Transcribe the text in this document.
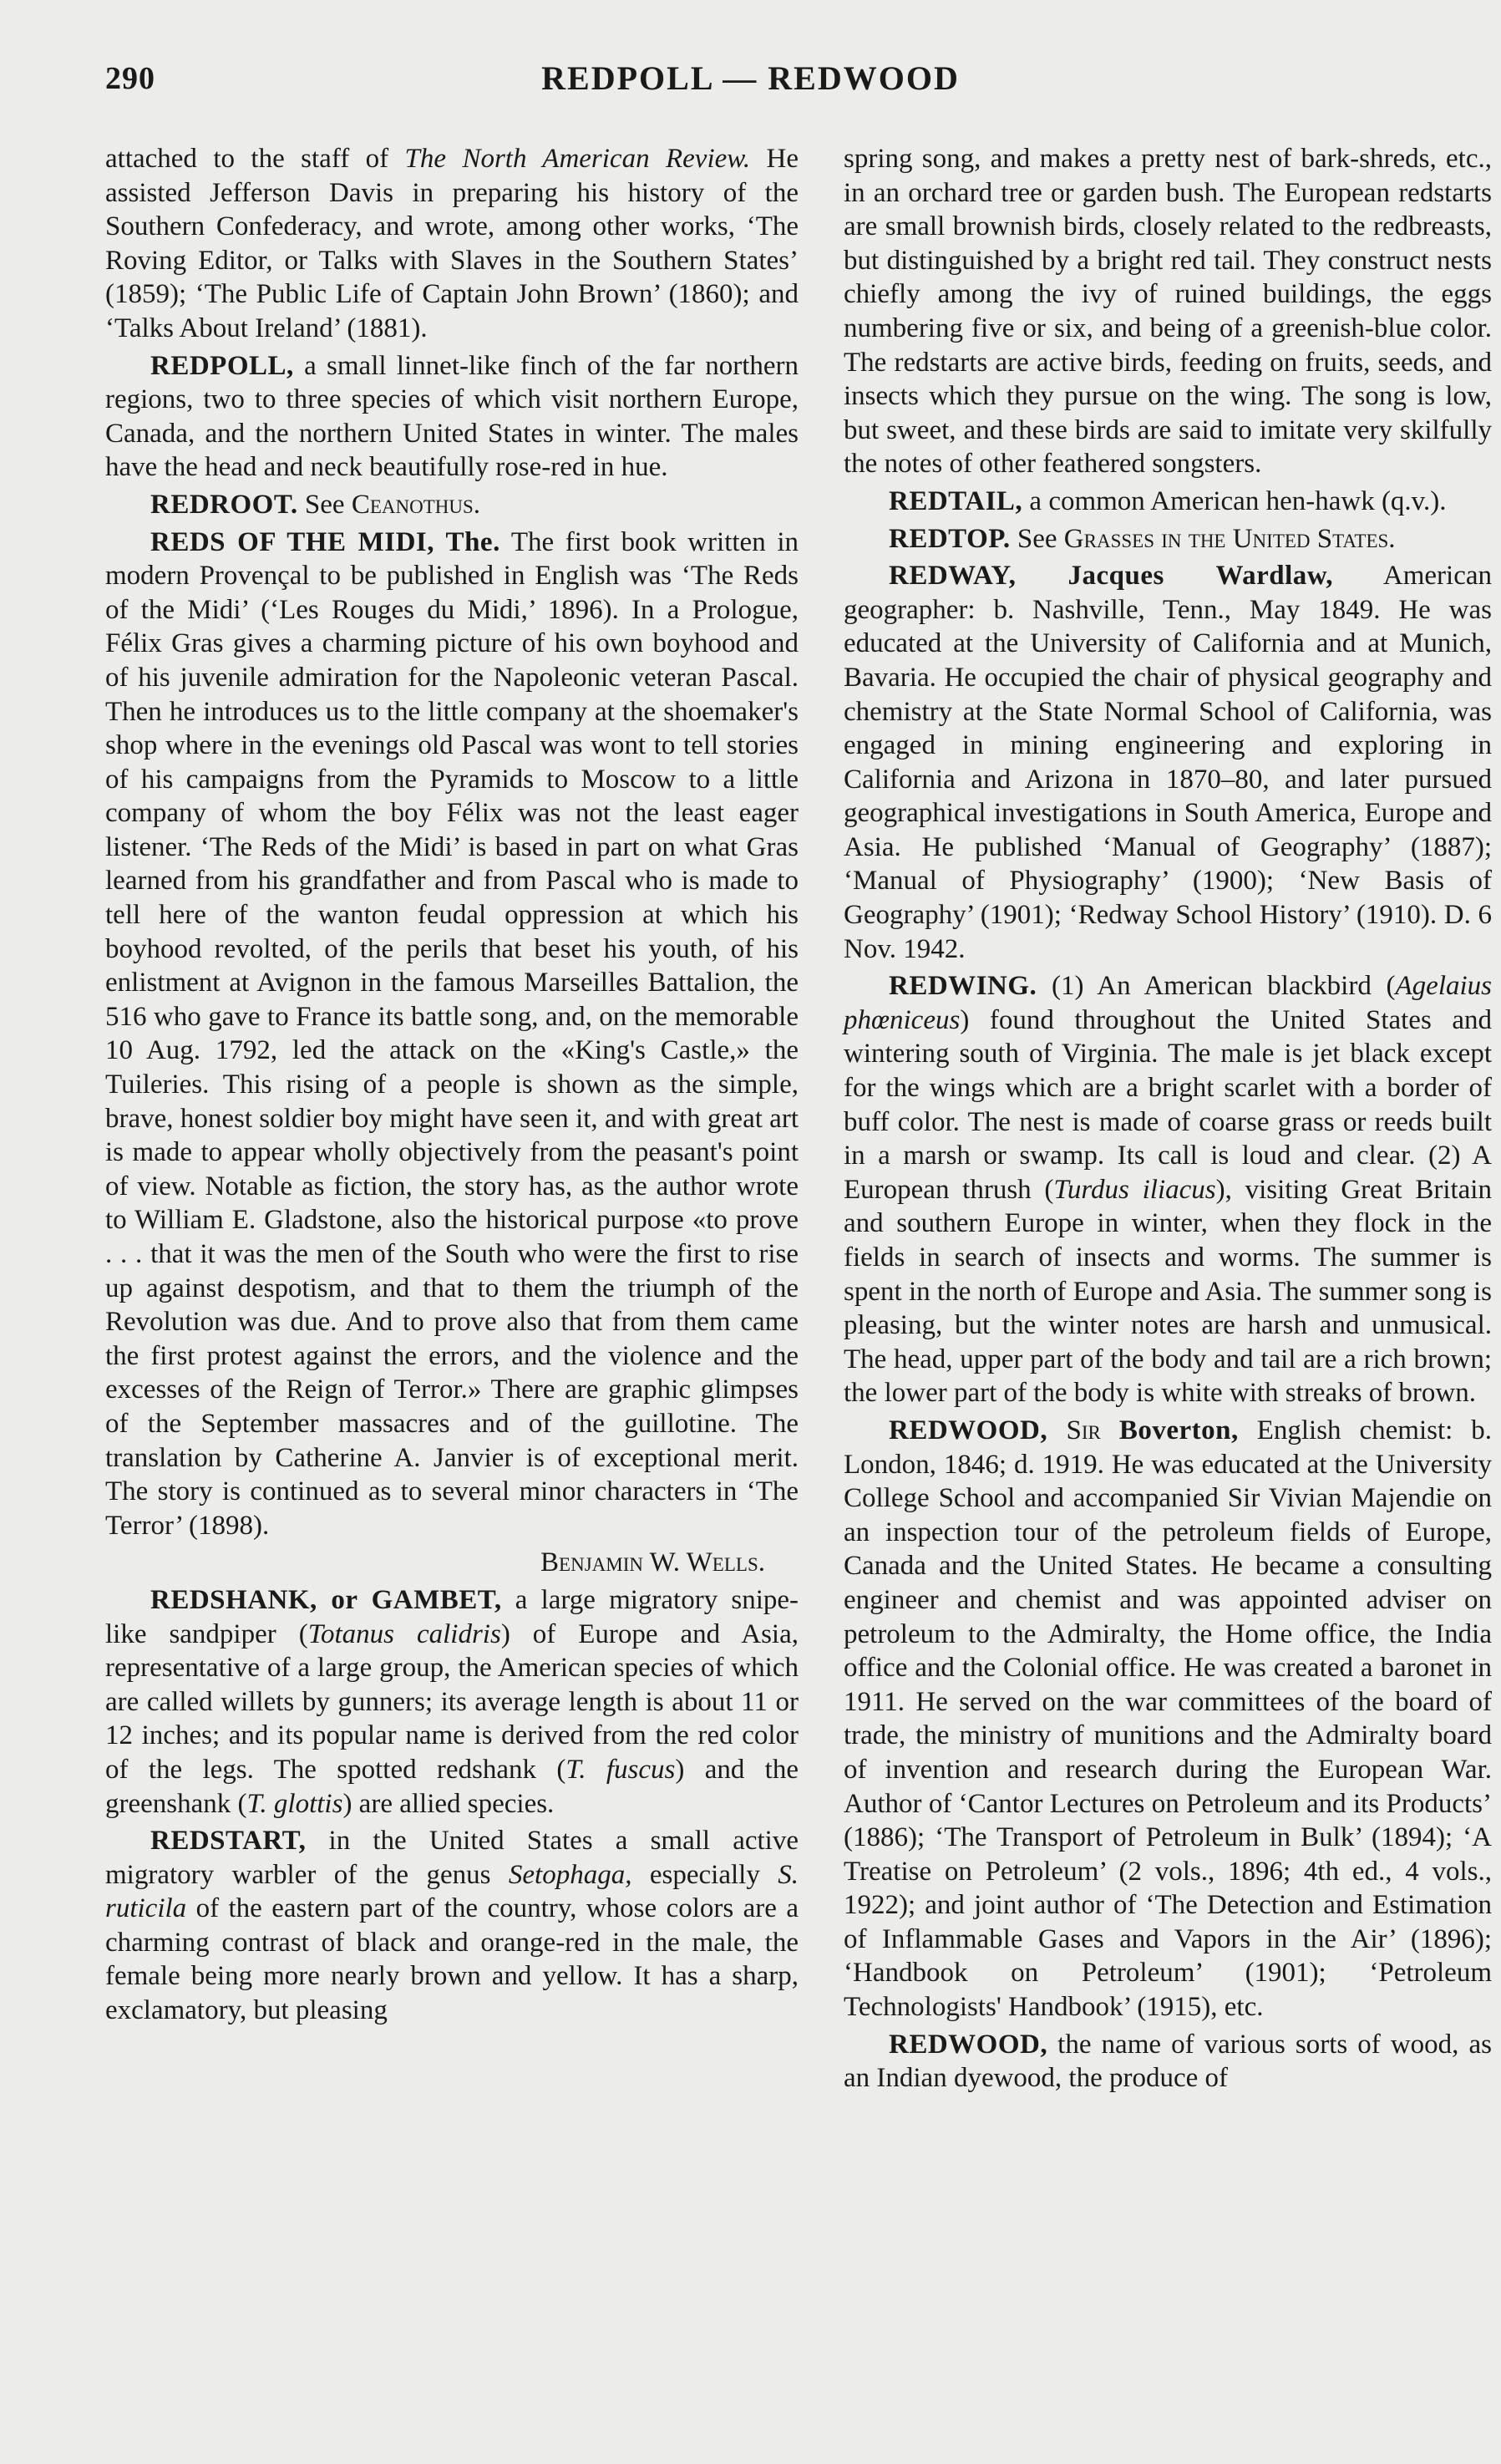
290	REDPOLL — REDWOOD

attached to the staff of The North American Review. He assisted Jefferson Davis in preparing his history of the Southern Confederacy, and wrote, among other works, ‘The Roving Editor, or Talks with Slaves in the Southern States’ (1859); ‘The Public Life of Captain John Brown’ (1860); and ‘Talks About Ireland’ (1881).

REDPOLL, a small linnet-like finch of the far northern regions, two to three species of which visit northern Europe, Canada, and the northern United States in winter. The males have the head and neck beautifully rose-red in hue.

REDROOT. See Ceanothus.

REDS OF THE MIDI, The. The first book written in modern Provençal to be published in English was ‘The Reds of the Midi’ (‘Les Rouges du Midi,’ 1896). In a Prologue, Félix Gras gives a charming picture of his own boyhood and of his juvenile admiration for the Napoleonic veteran Pascal. Then he introduces us to the little company at the shoemaker's shop where in the evenings old Pascal was wont to tell stories of his campaigns from the Pyramids to Moscow to a little company of whom the boy Félix was not the least eager listener. ‘The Reds of the Midi’ is based in part on what Gras learned from his grandfather and from Pascal who is made to tell here of the wanton feudal oppression at which his boyhood revolted, of the perils that beset his youth, of his enlistment at Avignon in the famous Marseilles Battalion, the 516 who gave to France its battle song, and, on the memorable 10 Aug. 1792, led the attack on the «King's Castle,» the Tuileries. This rising of a people is shown as the simple, brave, honest soldier boy might have seen it, and with great art is made to appear wholly objectively from the peasant's point of view. Notable as fiction, the story has, as the author wrote to William E. Gladstone, also the historical purpose «to prove . . . that it was the men of the South who were the first to rise up against despotism, and that to them the triumph of the Revolution was due. And to prove also that from them came the first protest against the errors, and the violence and the excesses of the Reign of Terror.» There are graphic glimpses of the September massacres and of the guillotine. The translation by Catherine A. Janvier is of exceptional merit. The story is continued as to several minor characters in ‘The Terror’ (1898).

Benjamin W. Wells.

REDSHANK, or GAMBET, a large migratory snipe-like sandpiper (Totanus calidris) of Europe and Asia, representative of a large group, the American species of which are called willets by gunners; its average length is about 11 or 12 inches; and its popular name is derived from the red color of the legs. The spotted redshank (T. fuscus) and the greenshank (T. glottis) are allied species.

REDSTART, in the United States a small active migratory warbler of the genus Setophaga, especially S. ruticila of the eastern part of the country, whose colors are a charming contrast of black and orange-red in the male, the female being more nearly brown and yellow. It has a sharp, exclamatory, but pleasing

spring song, and makes a pretty nest of bark-shreds, etc., in an orchard tree or garden bush. The European redstarts are small brownish birds, closely related to the redbreasts, but distinguished by a bright red tail. They construct nests chiefly among the ivy of ruined buildings, the eggs numbering five or six, and being of a greenish-blue color. The redstarts are active birds, feeding on fruits, seeds, and insects which they pursue on the wing. The song is low, but sweet, and these birds are said to imitate very skilfully the notes of other feathered songsters.

REDTAIL, a common American hen-hawk (q.v.).

REDTOP. See Grasses in the United States.

REDWAY, Jacques Wardlaw, American geographer: b. Nashville, Tenn., May 1849. He was educated at the University of California and at Munich, Bavaria. He occupied the chair of physical geography and chemistry at the State Normal School of California, was engaged in mining engineering and exploring in California and Arizona in 1870–80, and later pursued geographical investigations in South America, Europe and Asia. He published ‘Manual of Geography’ (1887); ‘Manual of Physiography’ (1900); ‘New Basis of Geography’ (1901); ‘Redway School History’ (1910). D. 6 Nov. 1942.

REDWING. (1) An American blackbird (Agelaius phœniceus) found throughout the United States and wintering south of Virginia. The male is jet black except for the wings which are a bright scarlet with a border of buff color. The nest is made of coarse grass or reeds built in a marsh or swamp. Its call is loud and clear. (2) A European thrush (Turdus iliacus), visiting Great Britain and southern Europe in winter, when they flock in the fields in search of insects and worms. The summer is spent in the north of Europe and Asia. The summer song is pleasing, but the winter notes are harsh and unmusical. The head, upper part of the body and tail are a rich brown; the lower part of the body is white with streaks of brown.

REDWOOD, Sir Boverton, English chemist: b. London, 1846; d. 1919. He was educated at the University College School and accompanied Sir Vivian Majendie on an inspection tour of the petroleum fields of Europe, Canada and the United States. He became a consulting engineer and chemist and was appointed adviser on petroleum to the Admiralty, the Home office, the India office and the Colonial office. He was created a baronet in 1911. He served on the war committees of the board of trade, the ministry of munitions and the Admiralty board of invention and research during the European War. Author of ‘Cantor Lectures on Petroleum and its Products’ (1886); ‘The Transport of Petroleum in Bulk’ (1894); ‘A Treatise on Petroleum’ (2 vols., 1896; 4th ed., 4 vols., 1922); and joint author of ‘The Detection and Estimation of Inflammable Gases and Vapors in the Air’ (1896); ‘Handbook on Petroleum’ (1901); ‘Petroleum Technologists' Handbook’ (1915), etc.

REDWOOD, the name of various sorts of wood, as an Indian dyewood, the produce of
